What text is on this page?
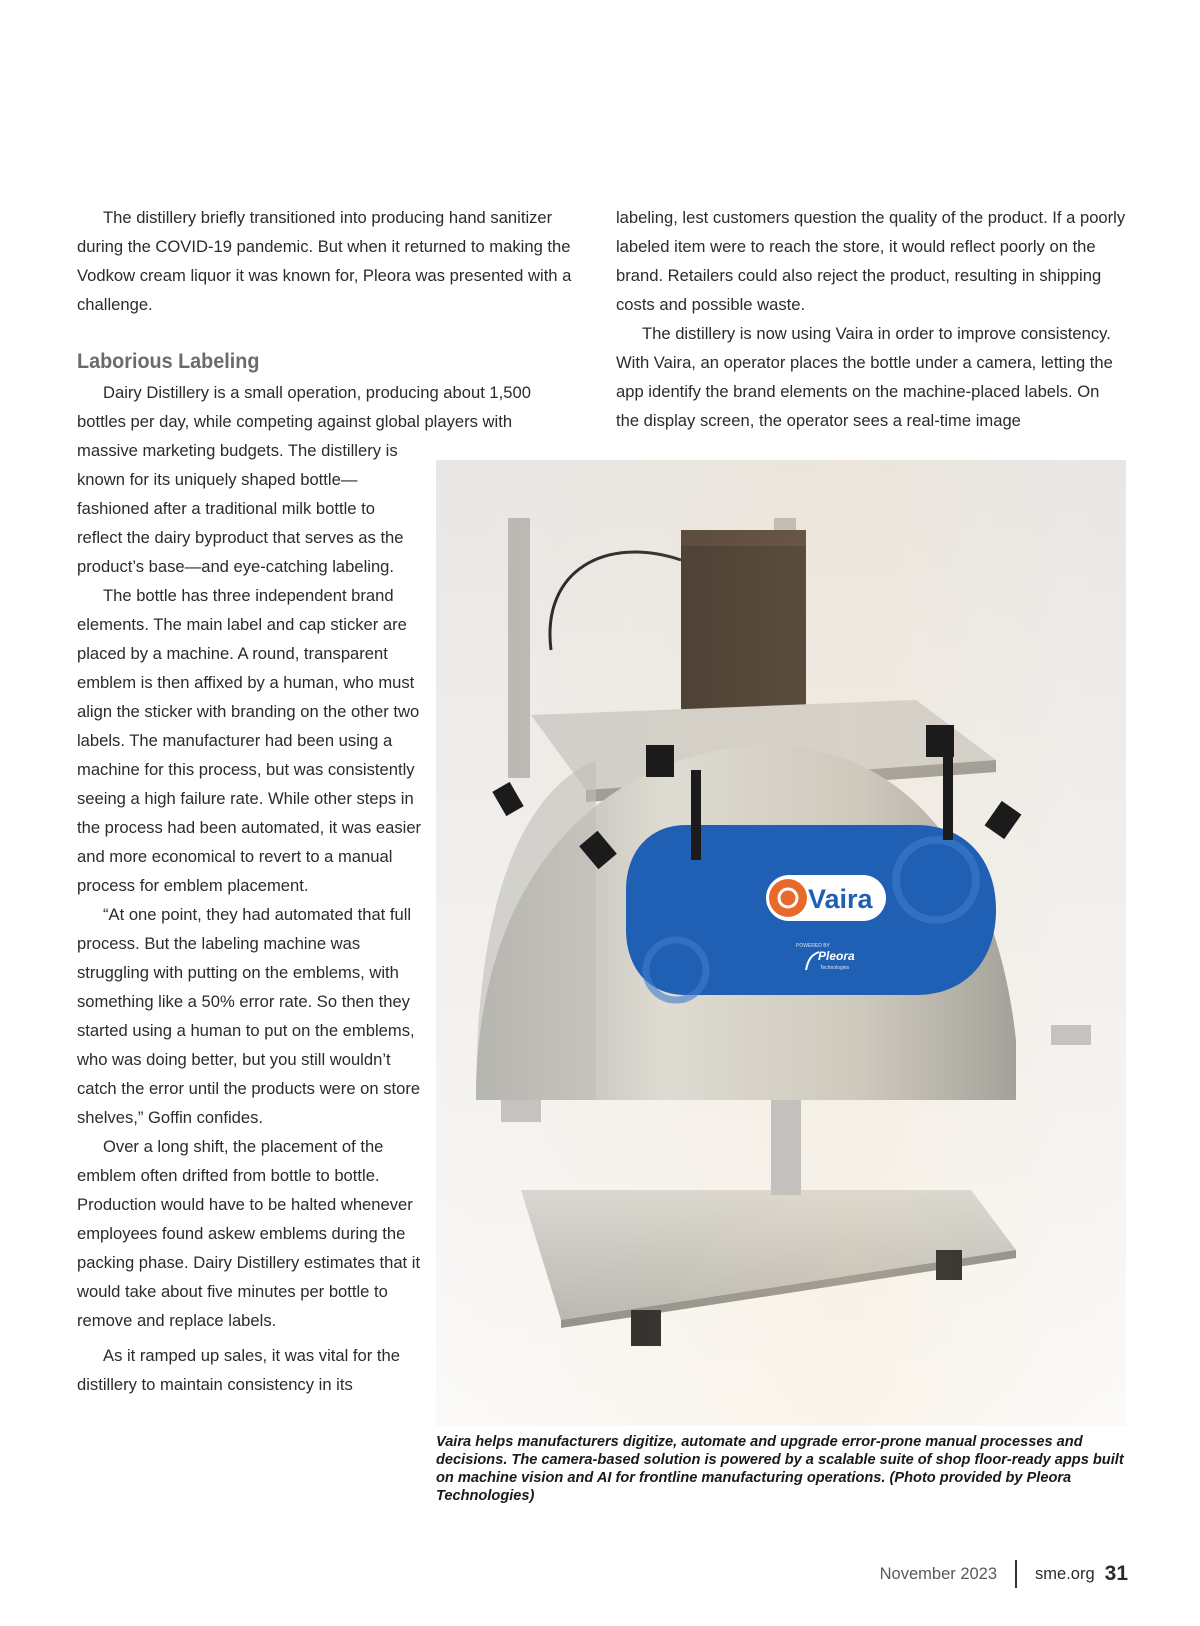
The distillery briefly transitioned into producing hand sanitizer during the COVID-19 pandemic. But when it returned to making the Vodkow cream liquor it was known for, Pleora was presented with a challenge.

Laborious Labeling

Dairy Distillery is a small operation, producing about 1,500 bottles per day, while competing against global players with

labeling, lest customers question the quality of the product. If a poorly labeled item were to reach the store, it would reflect poorly on the brand. Retailers could also reject the product, resulting in shipping costs and possible waste.

The distillery is now using Vaira in order to improve consistency. With Vaira, an operator places the bottle under a camera, letting the app identify the brand elements on the machine-placed labels. On the display screen, the operator sees a real-time image

massive marketing budgets. The distillery is known for its uniquely shaped bottle—fashioned after a traditional milk bottle to reflect the dairy byproduct that serves as the product’s base—and eye-catching labeling.

The bottle has three independent brand elements. The main label and cap sticker are placed by a machine. A round, transparent emblem is then affixed by a human, who must align the sticker with branding on the other two labels. The manufacturer had been using a machine for this process, but was consistently seeing a high failure rate. While other steps in the process had been automated, it was easier and more economical to revert to a manual process for emblem placement.

“At one point, they had automated that full process. But the labeling machine was struggling with putting on the emblems, with something like a 50% error rate. So then they started using a human to put on the emblems, who was doing better, but you still wouldn’t catch the error until the products were on store shelves,” Goffin confides.

Over a long shift, the placement of the emblem often drifted from bottle to bottle. Production would have to be halted whenever employees found askew emblems during the packing phase. Dairy Distillery estimates that it would take about five minutes per bottle to remove and replace labels.

As it ramped up sales, it was vital for the distillery to maintain consistency in its

Vaira
POWERED BY
Pleora
Technologies
Vaira helps manufacturers digitize, automate and upgrade error-prone manual processes and decisions. The camera-based solution is powered by a scalable suite of shop floor-ready apps built on machine vision and AI for frontline manufacturing operations. (Photo provided by Pleora Technologies)
November 2023 sme.org 31
